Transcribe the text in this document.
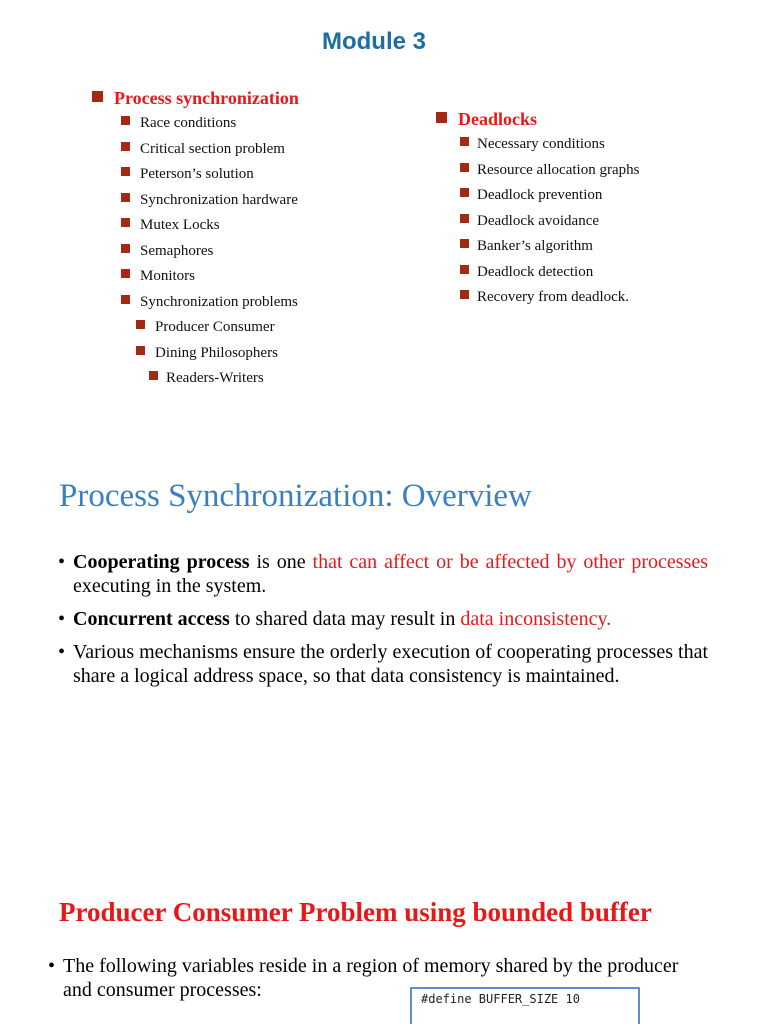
Module 3
Process synchronization
Race conditions
Critical section problem
Peterson’s solution
Synchronization hardware
Mutex Locks
Semaphores
Monitors
Synchronization problems
Producer Consumer
Dining Philosophers
Readers-Writers
Deadlocks
Necessary conditions
Resource allocation graphs
Deadlock prevention
Deadlock avoidance
Banker’s algorithm
Deadlock detection
Recovery from deadlock.
Process Synchronization: Overview
• Cooperating process is one that can affect or be affected by other processes executing in the system.
• Concurrent access to shared data may result in data inconsistency.
• Various mechanisms ensure the orderly execution of cooperating processes that share a logical address space, so that data consistency is maintained.
Producer Consumer Problem using bounded buffer
• The following variables reside in a region of memory shared by the producer and consumer processes:	#define BUFFER_SIZE 10
